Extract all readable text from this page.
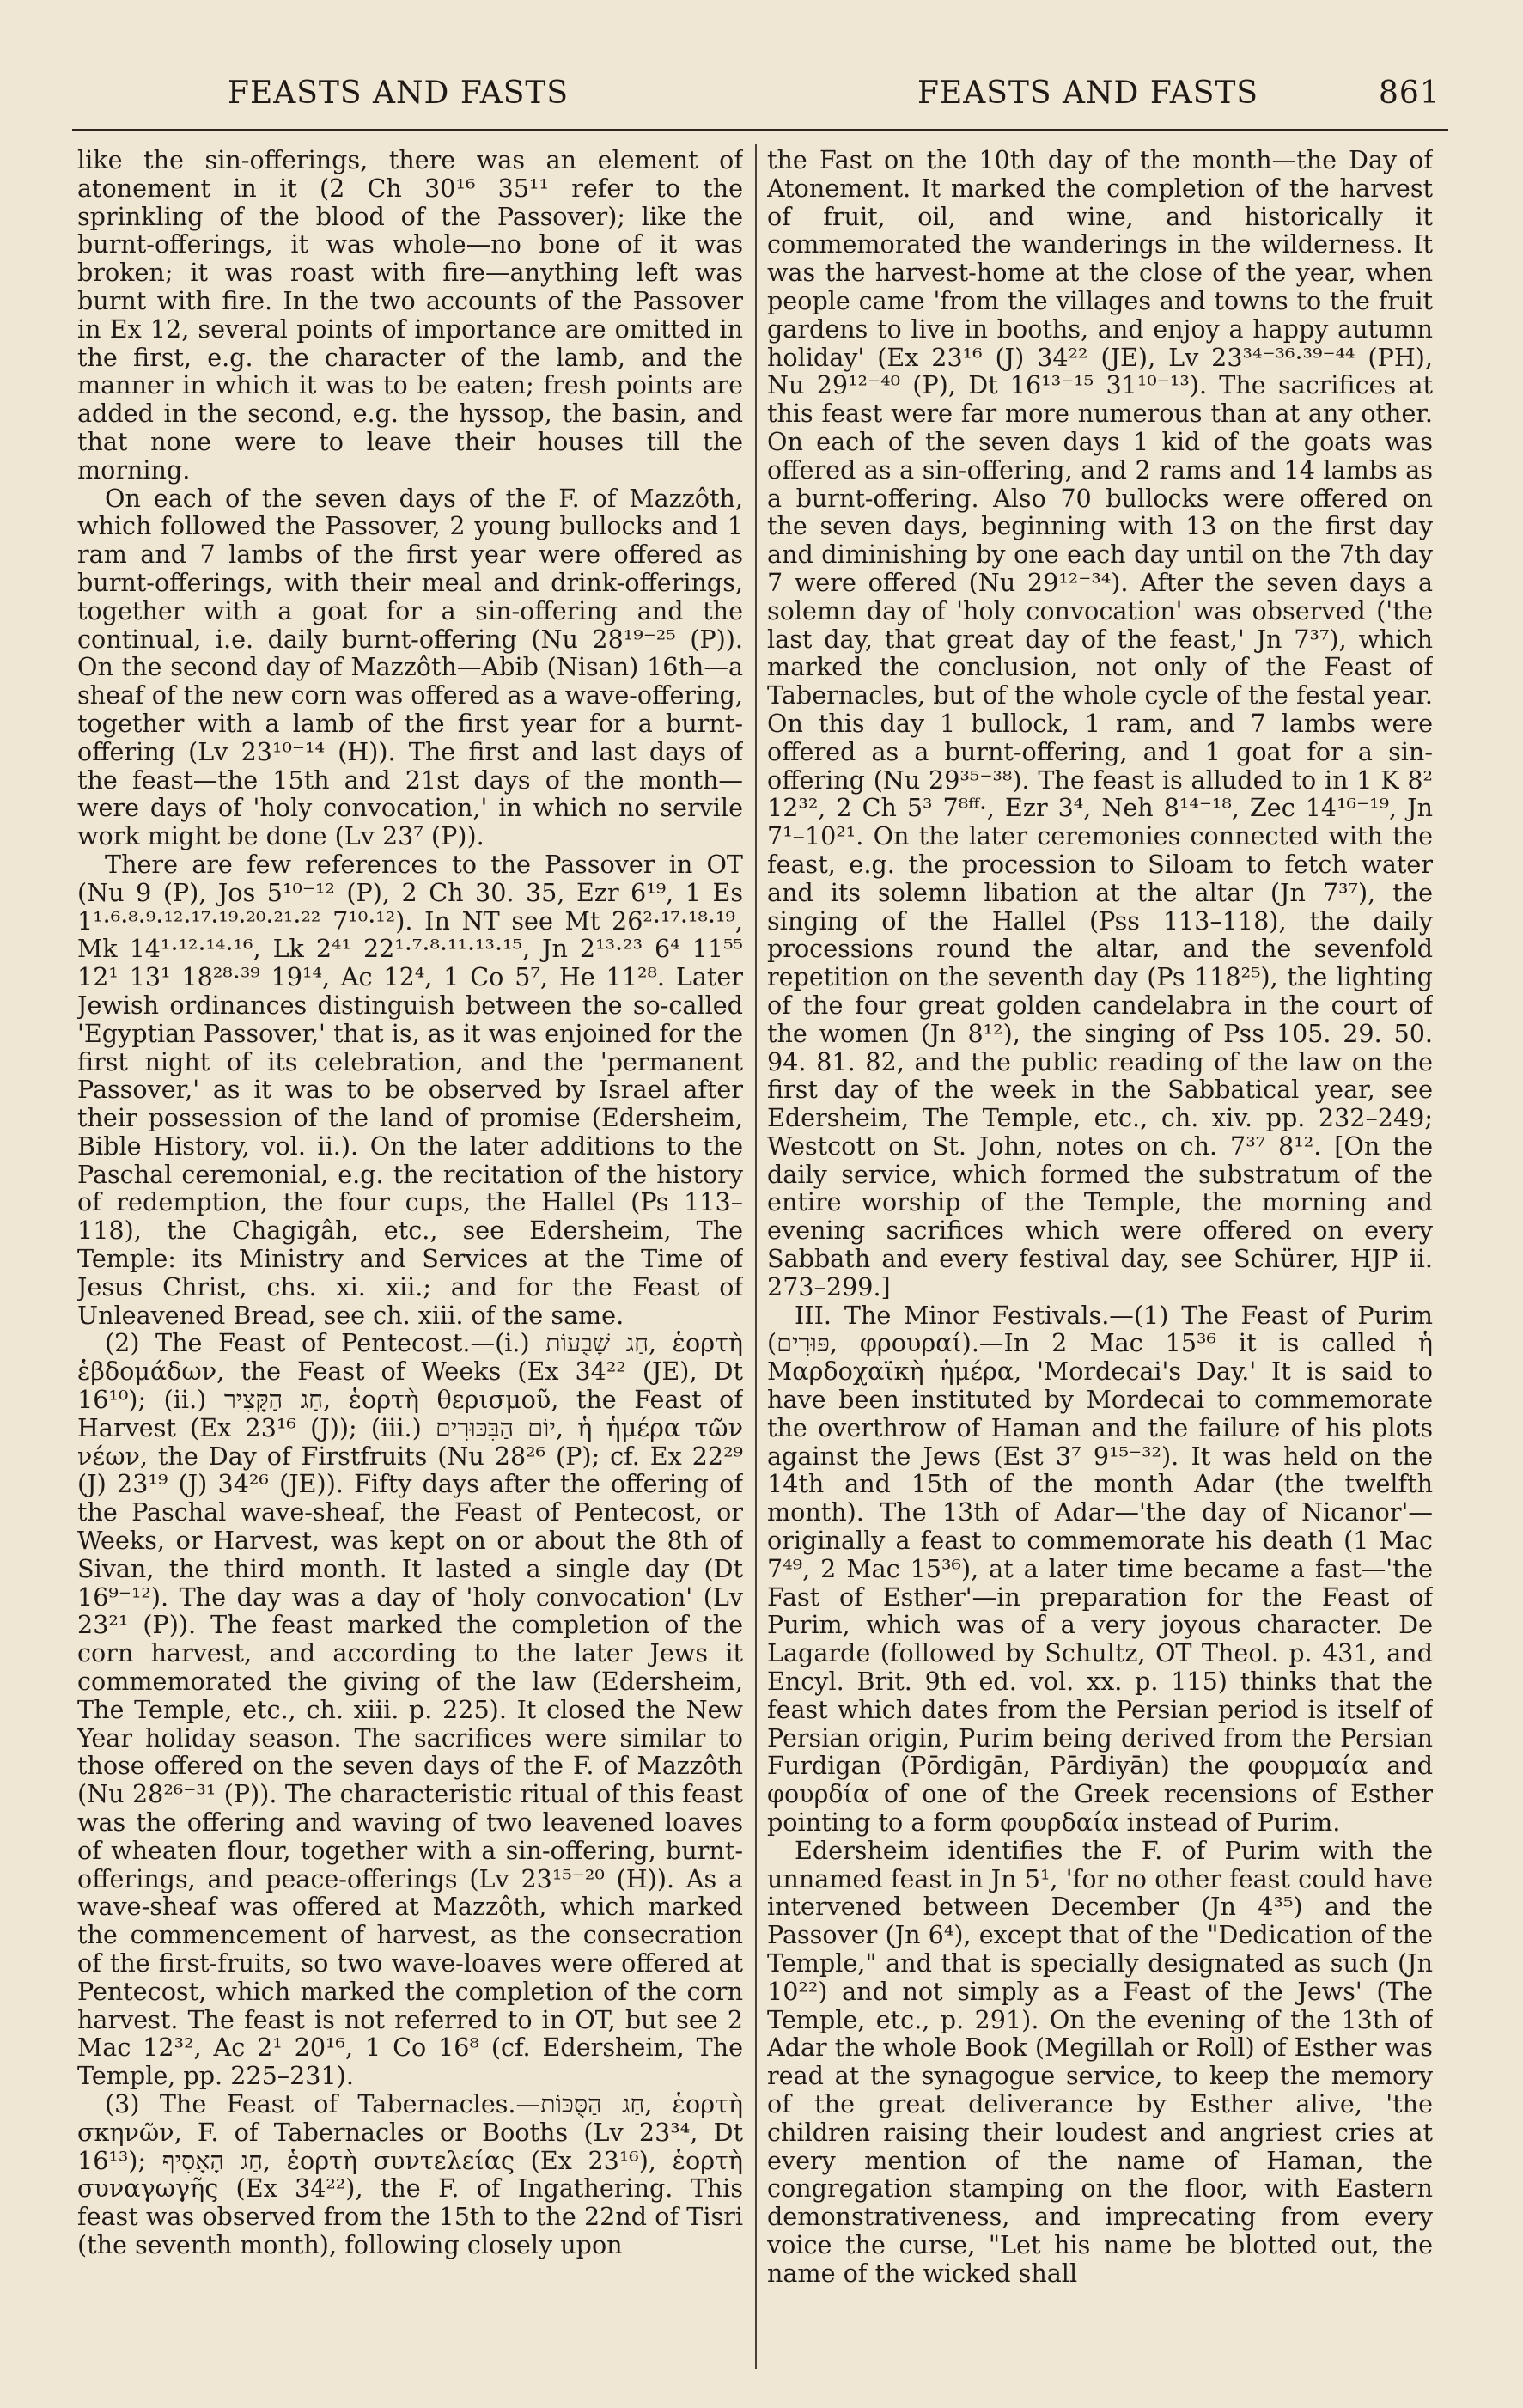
FEASTS AND FASTS	FEASTS AND FASTS	861

like the sin-offerings, there was an element of atonement in it (2 Ch 30¹⁶ 35¹¹ refer to the sprinkling of the blood of the Passover); like the burnt-offerings, it was whole—no bone of it was broken; it was roast with fire—anything left was burnt with fire. In the two accounts of the Passover in Ex 12, several points of importance are omitted in the first, e.g. the character of the lamb, and the manner in which it was to be eaten; fresh points are added in the second, e.g. the hyssop, the basin, and that none were to leave their houses till the morning.

On each of the seven days of the F. of Mazzôth, which followed the Passover, 2 young bullocks and 1 ram and 7 lambs of the first year were offered as burnt-offerings, with their meal and drink-offerings, together with a goat for a sin-offering and the continual, i.e. daily burnt-offering (Nu 28¹⁹⁻²⁵ (P)). On the second day of Mazzôth—Abib (Nisan) 16th—a sheaf of the new corn was offered as a wave-offering, together with a lamb of the first year for a burnt-offering (Lv 23¹⁰⁻¹⁴ (H)). The first and last days of the feast—the 15th and 21st days of the month—were days of 'holy convocation,' in which no servile work might be done (Lv 23⁷ (P)).

There are few references to the Passover in OT (Nu 9 (P), Jos 5¹⁰⁻¹² (P), 2 Ch 30. 35, Ezr 6¹⁹, 1 Es 1¹·⁶·⁸·⁹·¹²·¹⁷·¹⁹·²⁰·²¹·²² 7¹⁰·¹²). In NT see Mt 26²·¹⁷·¹⁸·¹⁹, Mk 14¹·¹²·¹⁴·¹⁶, Lk 2⁴¹ 22¹·⁷·⁸·¹¹·¹³·¹⁵, Jn 2¹³·²³ 6⁴ 11⁵⁵ 12¹ 13¹ 18²⁸·³⁹ 19¹⁴, Ac 12⁴, 1 Co 5⁷, He 11²⁸. Later Jewish ordinances distinguish between the so-called 'Egyptian Passover,' that is, as it was enjoined for the first night of its celebration, and the 'permanent Passover,' as it was to be observed by Israel after their possession of the land of promise (Edersheim, Bible History, vol. ii.). On the later additions to the Paschal ceremonial, e.g. the recitation of the history of redemption, the four cups, the Hallel (Ps 113–118), the Chagigâh, etc., see Edersheim, The Temple: its Ministry and Services at the Time of Jesus Christ, chs. xi. xii.; and for the Feast of Unleavened Bread, see ch. xiii. of the same.

(2) The Feast of Pentecost.—(i.) חַג שָׁבֻעוֹת, ἑορτὴ ἑβδομάδων, the Feast of Weeks (Ex 34²² (JE), Dt 16¹⁰); (ii.) חַג הַקָּצִיר, ἑορτὴ θερισμοῦ, the Feast of Harvest (Ex 23¹⁶ (J)); (iii.) יוֹם הַבִּכּוּרִים, ἡ ἡμέρα τῶν νέων, the Day of Firstfruits (Nu 28²⁶ (P); cf. Ex 22²⁹ (J) 23¹⁹ (J) 34²⁶ (JE)). Fifty days after the offering of the Paschal wave-sheaf, the Feast of Pentecost, or Weeks, or Harvest, was kept on or about the 8th of Sivan, the third month. It lasted a single day (Dt 16⁹⁻¹²). The day was a day of 'holy convocation' (Lv 23²¹ (P)). The feast marked the completion of the corn harvest, and according to the later Jews it commemorated the giving of the law (Edersheim, The Temple, etc., ch. xiii. p. 225). It closed the New Year holiday season. The sacrifices were similar to those offered on the seven days of the F. of Mazzôth (Nu 28²⁶⁻³¹ (P)). The characteristic ritual of this feast was the offering and waving of two leavened loaves of wheaten flour, together with a sin-offering, burnt-offerings, and peace-offerings (Lv 23¹⁵⁻²⁰ (H)). As a wave-sheaf was offered at Mazzôth, which marked the commencement of harvest, as the consecration of the first-fruits, so two wave-loaves were offered at Pentecost, which marked the completion of the corn harvest. The feast is not referred to in OT, but see 2 Mac 12³², Ac 2¹ 20¹⁶, 1 Co 16⁸ (cf. Edersheim, The Temple, pp. 225–231).

(3) The Feast of Tabernacles.—חַג הַסֻּכּוֹת, ἑορτὴ σκηνῶν, F. of Tabernacles or Booths (Lv 23³⁴, Dt 16¹³); חַג הָאָסִיף, ἑορτὴ συντελείας (Ex 23¹⁶), ἑορτὴ συναγωγῆς (Ex 34²²), the F. of Ingathering. This feast was observed from the 15th to the 22nd of Tisri (the seventh month), following closely upon

the Fast on the 10th day of the month—the Day of Atonement. It marked the completion of the harvest of fruit, oil, and wine, and historically it commemorated the wanderings in the wilderness. It was the harvest-home at the close of the year, when people came 'from the villages and towns to the fruit gardens to live in booths, and enjoy a happy autumn holiday' (Ex 23¹⁶ (J) 34²² (JE), Lv 23³⁴⁻³⁶·³⁹⁻⁴⁴ (PH), Nu 29¹²⁻⁴⁰ (P), Dt 16¹³⁻¹⁵ 31¹⁰⁻¹³). The sacrifices at this feast were far more numerous than at any other. On each of the seven days 1 kid of the goats was offered as a sin-offering, and 2 rams and 14 lambs as a burnt-offering. Also 70 bullocks were offered on the seven days, beginning with 13 on the first day and diminishing by one each day until on the 7th day 7 were offered (Nu 29¹²⁻³⁴). After the seven days a solemn day of 'holy convocation' was observed ('the last day, that great day of the feast,' Jn 7³⁷), which marked the conclusion, not only of the Feast of Tabernacles, but of the whole cycle of the festal year. On this day 1 bullock, 1 ram, and 7 lambs were offered as a burnt-offering, and 1 goat for a sin-offering (Nu 29³⁵⁻³⁸). The feast is alluded to in 1 K 8² 12³², 2 Ch 5³ 7⁸ᶠᶠ·, Ezr 3⁴, Neh 8¹⁴⁻¹⁸, Zec 14¹⁶⁻¹⁹, Jn 7¹–10²¹. On the later ceremonies connected with the feast, e.g. the procession to Siloam to fetch water and its solemn libation at the altar (Jn 7³⁷), the singing of the Hallel (Pss 113–118), the daily processions round the altar, and the sevenfold repetition on the seventh day (Ps 118²⁵), the lighting of the four great golden candelabra in the court of the women (Jn 8¹²), the singing of Pss 105. 29. 50. 94. 81. 82, and the public reading of the law on the first day of the week in the Sabbatical year, see Edersheim, The Temple, etc., ch. xiv. pp. 232–249; Westcott on St. John, notes on ch. 7³⁷ 8¹². [On the daily service, which formed the substratum of the entire worship of the Temple, the morning and evening sacrifices which were offered on every Sabbath and every festival day, see Schürer, HJP ii. 273–299.]

III. The Minor Festivals.—(1) The Feast of Purim (פּוּרִים, φρουραί).—In 2 Mac 15³⁶ it is called ἡ Μαρδοχαϊκὴ ἡμέρα, 'Mordecai's Day.' It is said to have been instituted by Mordecai to commemorate the overthrow of Haman and the failure of his plots against the Jews (Est 3⁷ 9¹⁵⁻³²). It was held on the 14th and 15th of the month Adar (the twelfth month). The 13th of Adar—'the day of Nicanor'—originally a feast to commemorate his death (1 Mac 7⁴⁹, 2 Mac 15³⁶), at a later time became a fast—'the Fast of Esther'—in preparation for the Feast of Purim, which was of a very joyous character. De Lagarde (followed by Schultz, OT Theol. p. 431, and Encyl. Brit. 9th ed. vol. xx. p. 115) thinks that the feast which dates from the Persian period is itself of Persian origin, Purim being derived from the Persian Furdigan (Pōrdigān, Pārdiyān) the φουρμαία and φουρδία of one of the Greek recensions of Esther pointing to a form φουρδαία instead of Purim.

Edersheim identifies the F. of Purim with the unnamed feast in Jn 5¹, 'for no other feast could have intervened between December (Jn 4³⁵) and the Passover (Jn 6⁴), except that of the "Dedication of the Temple," and that is specially designated as such (Jn 10²²) and not simply as a Feast of the Jews' (The Temple, etc., p. 291). On the evening of the 13th of Adar the whole Book (Megillah or Roll) of Esther was read at the synagogue service, to keep the memory of the great deliverance by Esther alive, 'the children raising their loudest and angriest cries at every mention of the name of Haman, the congregation stamping on the floor, with Eastern demonstrativeness, and imprecating from every voice the curse, "Let his name be blotted out, the name of the wicked shall
